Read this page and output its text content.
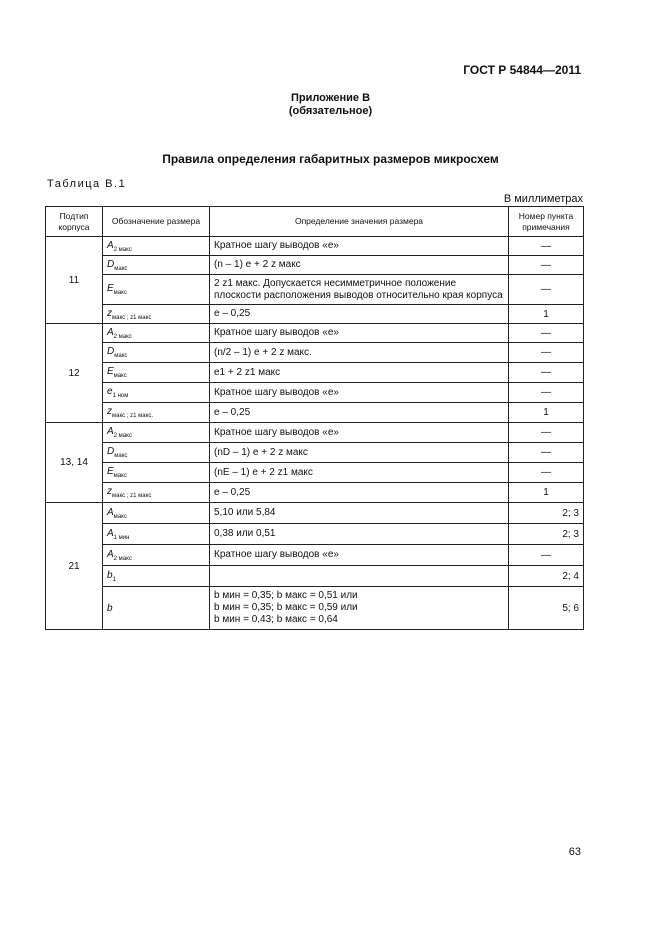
ГОСТ Р 54844—2011
Приложение В
(обязательное)
Правила определения габаритных размеров микросхем
Таблица В.1
В миллиметрах
Подтип корпуса	Обозначение размера	Определение значения размера	Номер пункта примечания
11	$A_{2 макс}$	Кратное шагу выводов «e»	—
	$D_{макс}$	(n – 1) e + 2 z макс	—
	$E_{макс}$	2 z1 макс. Допускается несимметричное положение плоскости расположения выводов относительно края корпуса	—
	$z_{макс ; z1 макс}$	e – 0,25	1
12	$A_{2 макс}$	Кратное шагу выводов «e»	—
	$D_{макс}$	(n/2 – 1) e + 2 z макс.	—
	$E_{макс}$	e1 + 2 z1 макс	—
	$e_{1 ном}$	Кратное шагу выводов «e»	—
	$z_{макс ; z1 макс.}$	e – 0,25	1
13, 14	$A_{2 макс}$	Кратное шагу выводов «e»	—
	$D_{макс}$	(nD – 1) e + 2 z макс	—
	$E_{макс}$	(nE – 1) e + 2 z1 макс	—
	$z_{макс ; z1 макс}$	e – 0,25	1
21	$A_{макс}$	5,10 или 5,84	2; 3
	$A_{1 мин}$	0,38 или 0,51	2; 3
	$A_{2 макс}$	Кратное шагу выводов «e»	—
	$b_1$		2; 4
	b	b мин = 0,35; b макс = 0,51 или
b мин = 0,35; b макс = 0,59 или
b мин = 0,43; b макс = 0,64	5; 6
63
